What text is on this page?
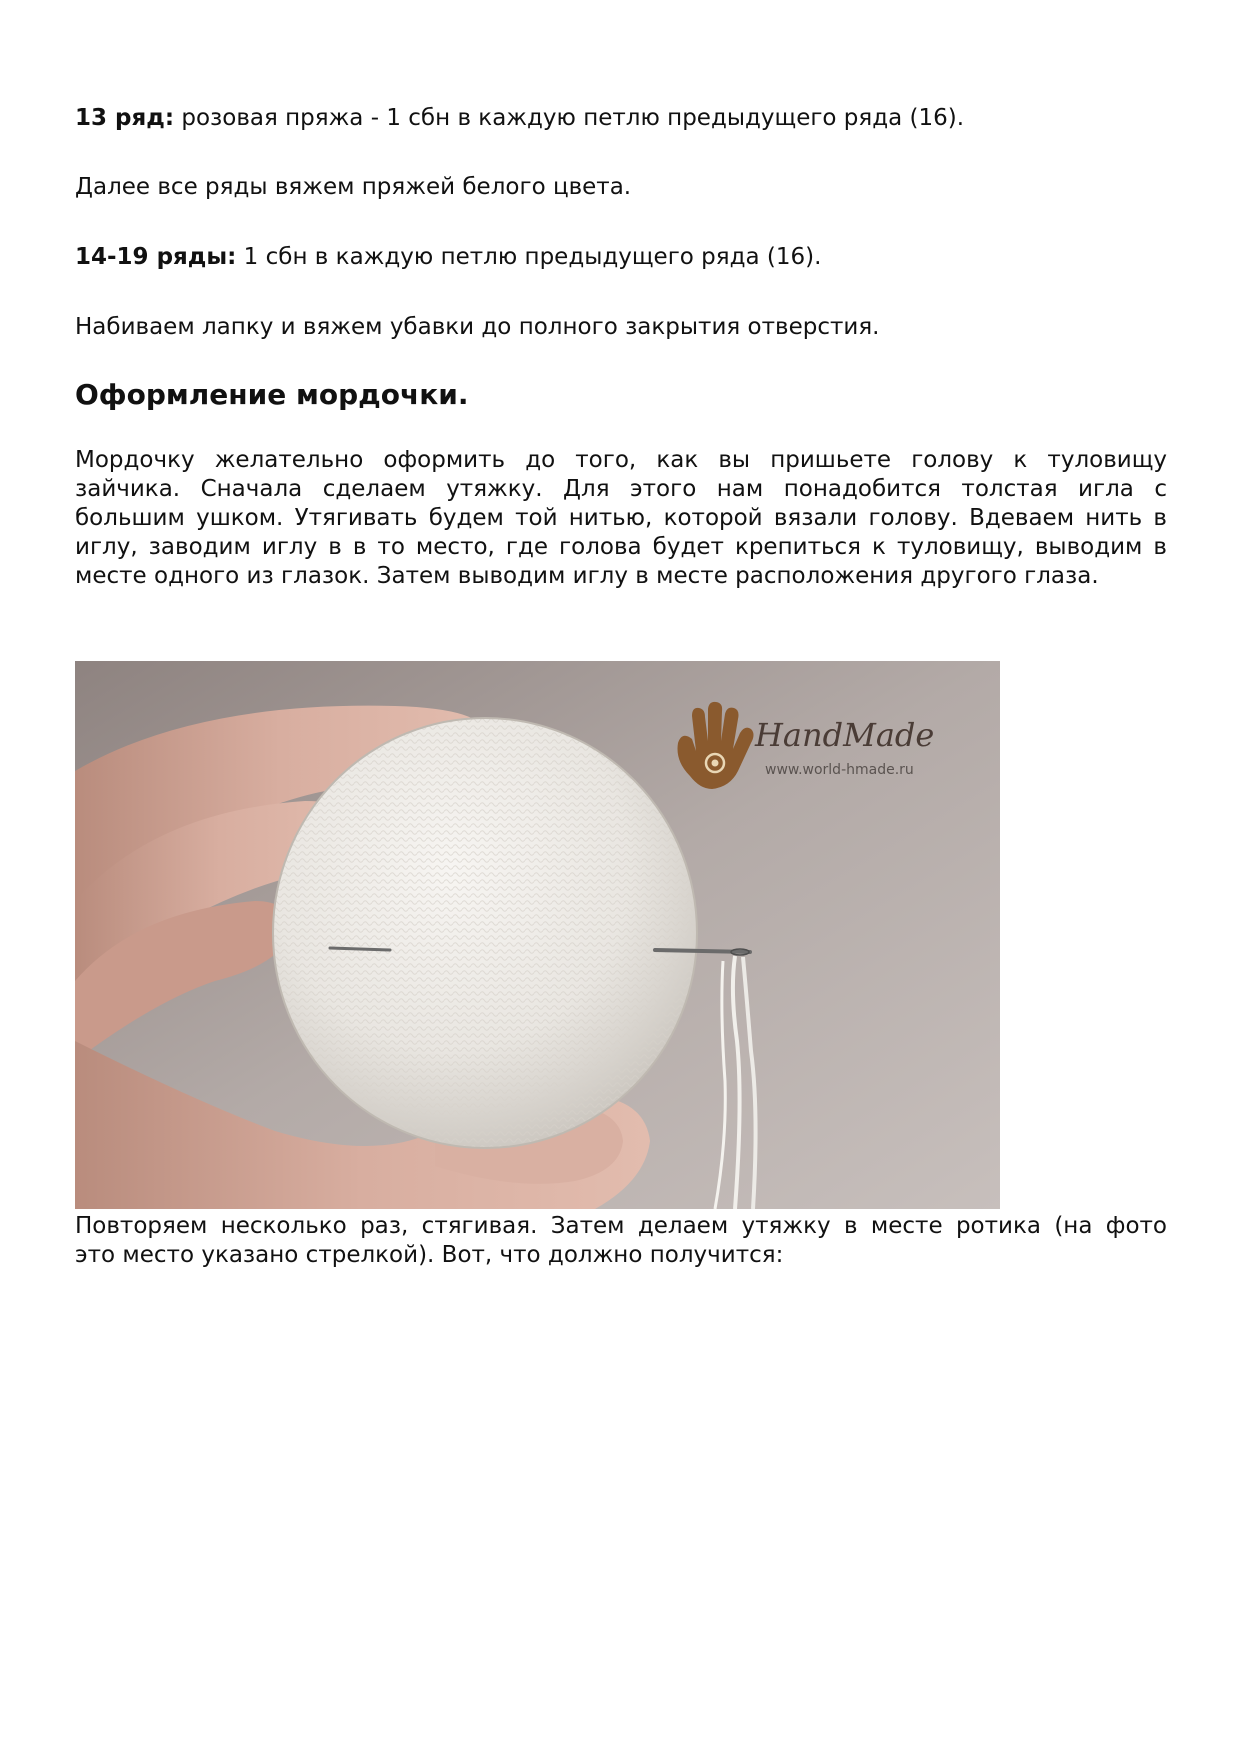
13 ряд: розовая пряжа - 1 сбн в каждую петлю предыдущего ряда (16).

Далее все ряды вяжем пряжей белого цвета.

14-19 ряды: 1 сбн в каждую петлю предыдущего ряда (16).

Набиваем лапку и вяжем убавки до полного закрытия отверстия.

Оформление мордочки.
Мордочку желательно оформить до того, как вы пришьете голову к туловищу
зайчика. Сначала сделаем утяжку. Для этого нам понадобится толстая игла с
большим ушком. Утягивать будем той нитью, которой вязали голову. Вдеваем нить в
иглу, заводим иглу в в то место, где голова будет крепиться к туловищу, выводим в
месте одного из глазок. Затем выводим иглу в месте расположения другого глаза.
HandMade
www.world-hmade.ru
Повторяем несколько раз, стягивая. Затем делаем утяжку в месте ротика (на фото
это место указано стрелкой). Вот, что должно получится:
